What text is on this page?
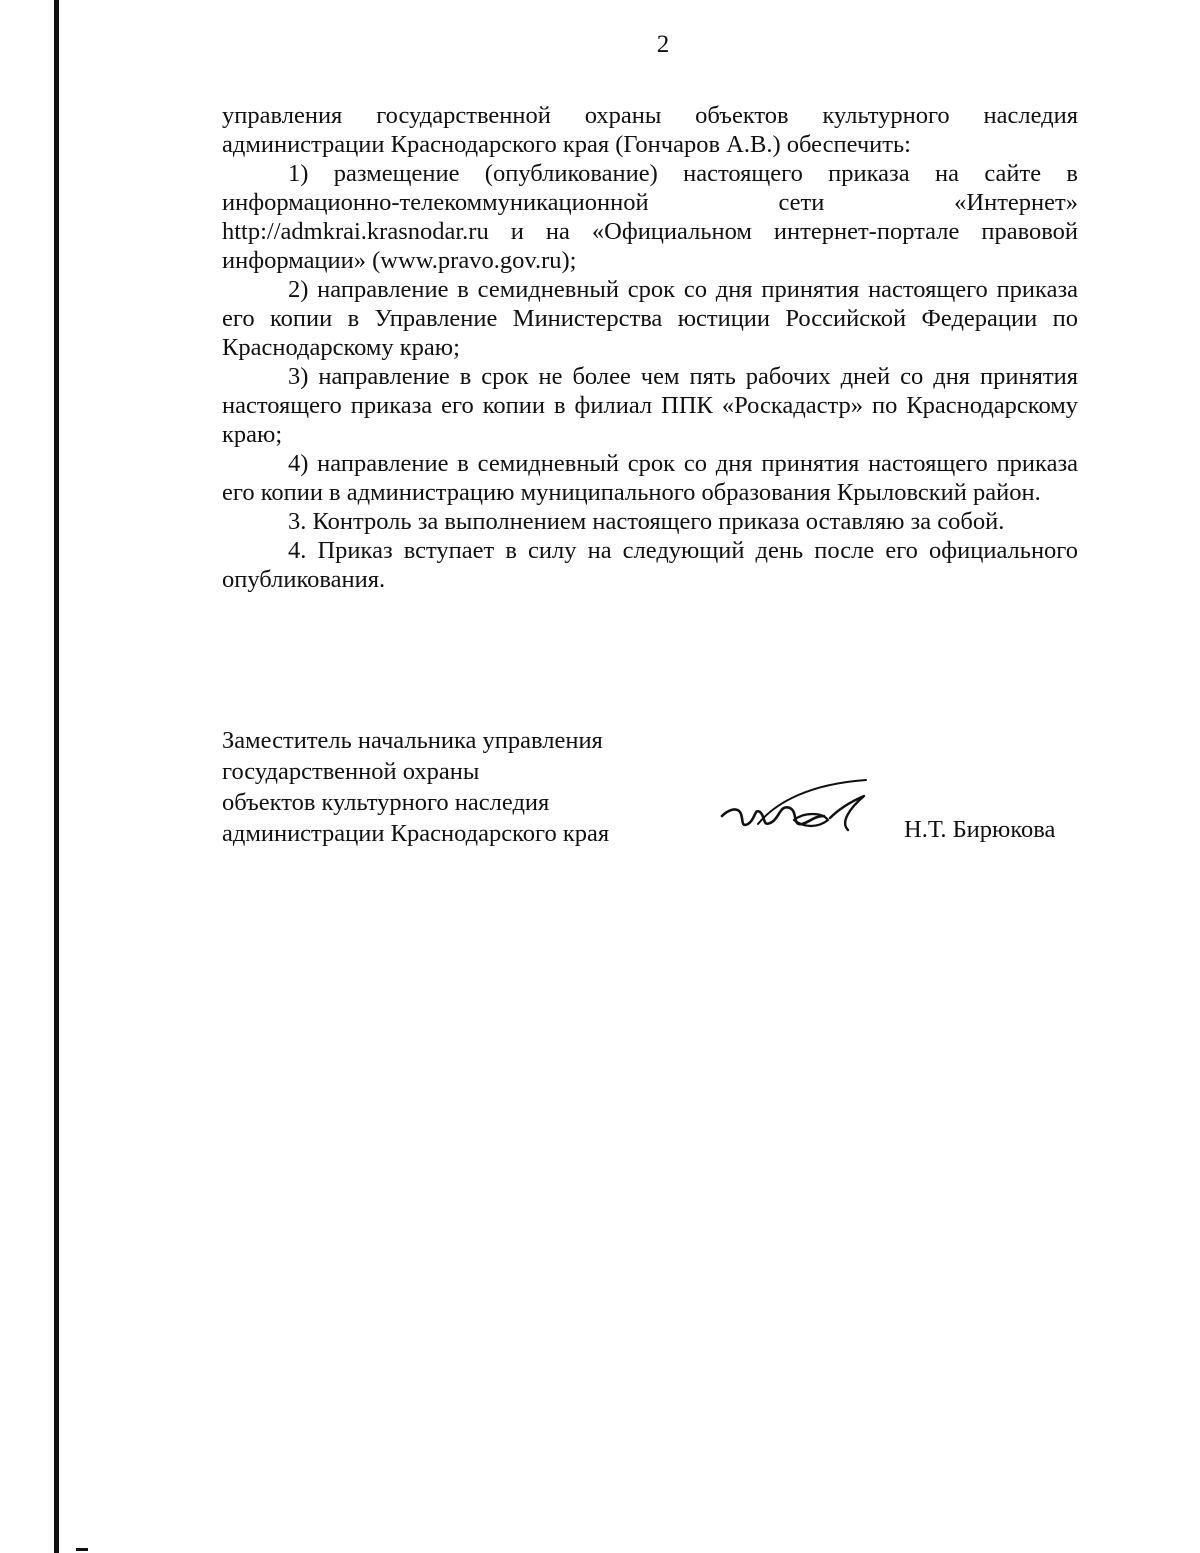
2

управления государственной охраны объектов культурного наследия администрации Краснодарского края (Гончаров А.В.) обеспечить:

1) размещение (опубликование) настоящего приказа на сайте в информационно-телекоммуникационной сети «Интернет» http://admkrai.krasnodar.ru и на «Официальном интернет-портале правовой информации» (www.pravo.gov.ru);

2) направление в семидневный срок со дня принятия настоящего приказа его копии в Управление Министерства юстиции Российской Федерации по Краснодарскому краю;

3) направление в срок не более чем пять рабочих дней со дня принятия настоящего приказа его копии в филиал ППК «Роскадастр» по Краснодарскому краю;

4) направление в семидневный срок со дня принятия настоящего приказа его копии в администрацию муниципального образования Крыловский район.

3. Контроль за выполнением настоящего приказа оставляю за собой.

4. Приказ вступает в силу на следующий день после его официального опубликования.

Заместитель начальника управления
государственной охраны
объектов культурного наследия
администрации Краснодарского края	Н.Т. Бирюкова
